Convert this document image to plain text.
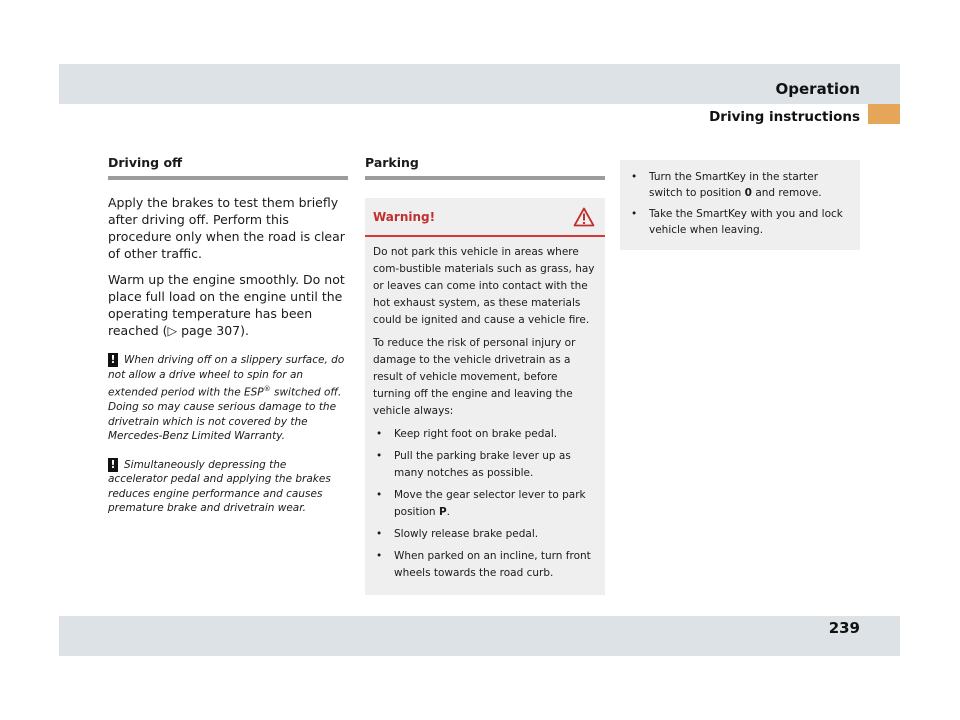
Operation
Driving instructions
Driving off

Apply the brakes to test them briefly after driving off. Perform this procedure only when the road is clear of other traffic.

Warm up the engine smoothly. Do not place full load on the engine until the operating temperature has been reached (▷ page 307).

! When driving off on a slippery surface, do not allow a drive wheel to spin for an extended period with the ESP® switched off. Doing so may cause serious damage to the drivetrain which is not covered by the Mercedes-Benz Limited Warranty.
! Simultaneously depressing the accelerator pedal and applying the brakes reduces engine performance and causes premature brake and drivetrain wear.
Parking
Warning!

Do not park this vehicle in areas where com-bustible materials such as grass, hay or leaves can come into contact with the hot exhaust system, as these materials could be ignited and cause a vehicle fire.

To reduce the risk of personal injury or damage to the vehicle drivetrain as a result of vehicle movement, before turning off the engine and leaving the vehicle always:

• Keep right foot on brake pedal.
• Pull the parking brake lever up as many notches as possible.
• Move the gear selector lever to park position P.
• Slowly release brake pedal.
• When parked on an incline, turn front wheels towards the road curb.
• Turn the SmartKey in the starter switch to position 0 and remove.
• Take the SmartKey with you and lock vehicle when leaving.
239
